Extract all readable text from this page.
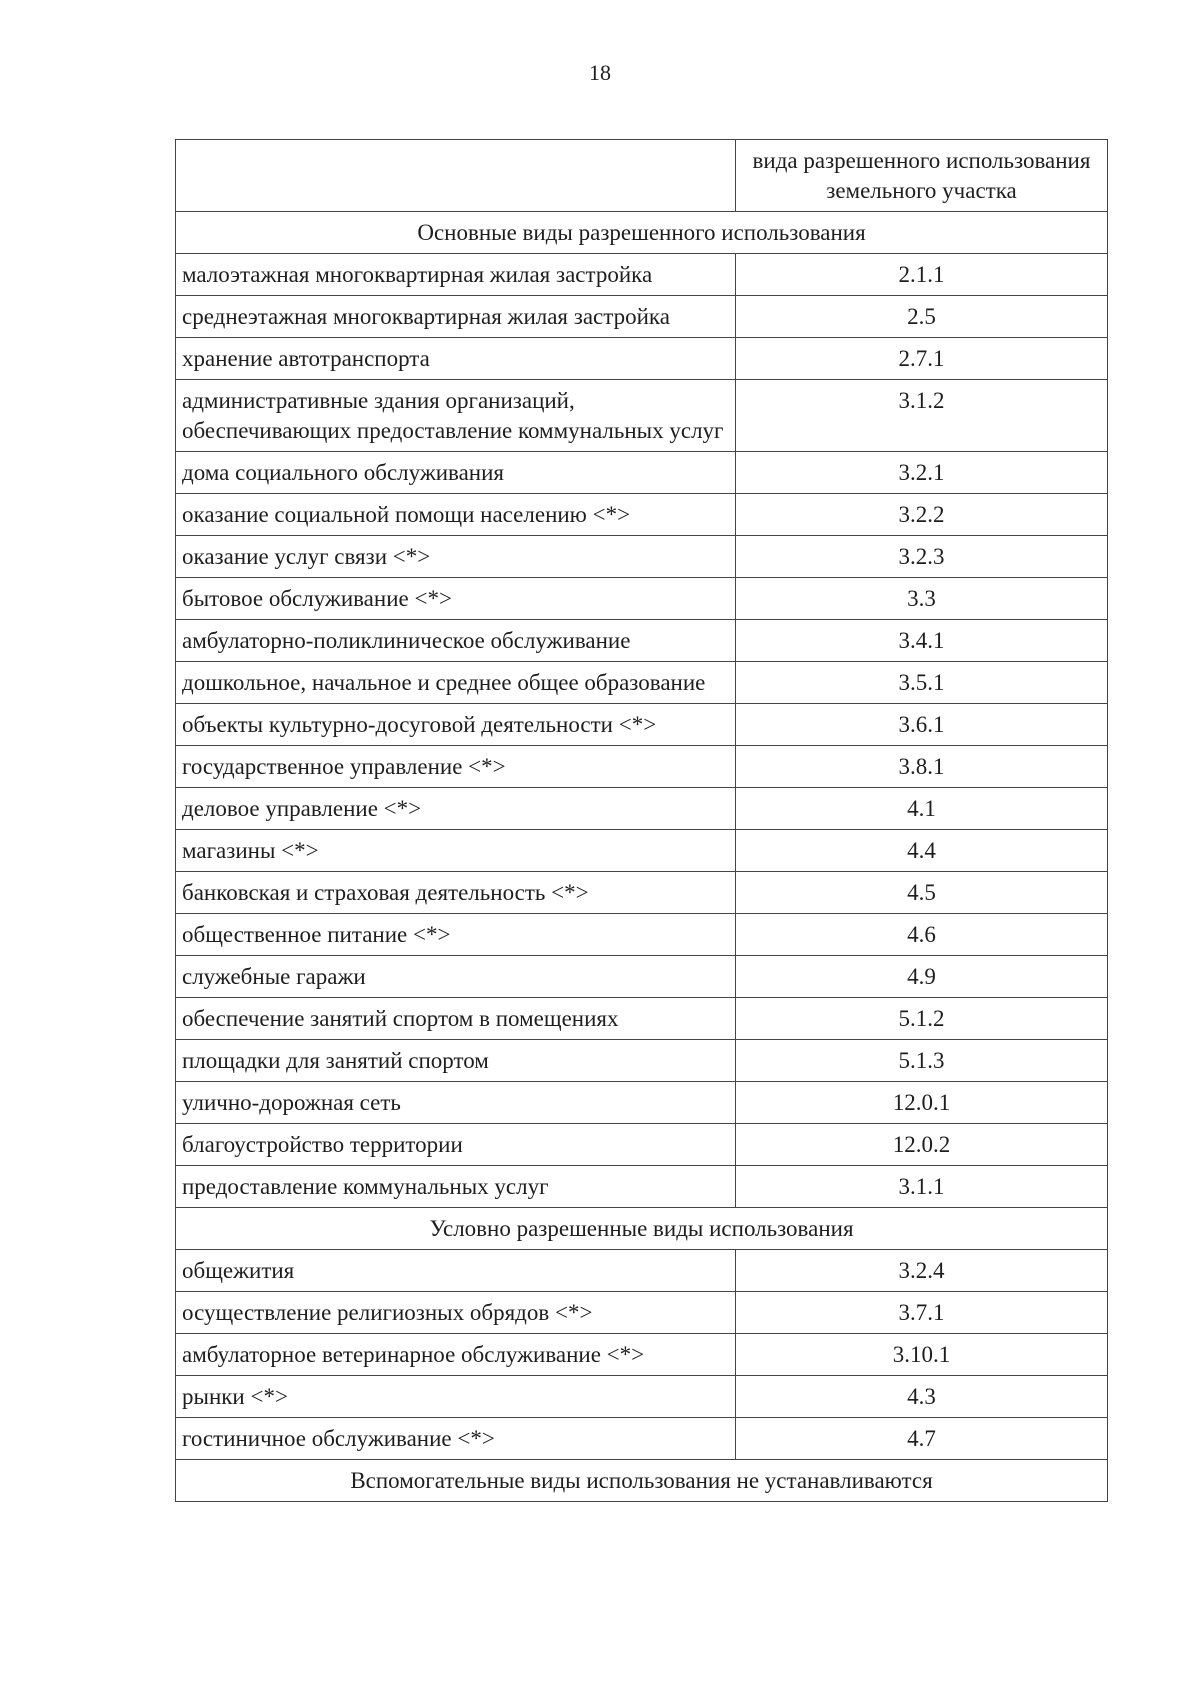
18
	вида разрешенного использования земельного участка
Основные виды разрешенного использования	
малоэтажная многоквартирная жилая застройка	2.1.1
среднеэтажная многоквартирная жилая застройка	2.5
хранение автотранспорта	2.7.1
административные здания организаций, обеспечивающих предоставление коммунальных услуг	3.1.2
дома социального обслуживания	3.2.1
оказание социальной помощи населению <*>	3.2.2
оказание услуг связи <*>	3.2.3
бытовое обслуживание <*>	3.3
амбулаторно-поликлиническое обслуживание	3.4.1
дошкольное, начальное и среднее общее образование	3.5.1
объекты культурно-досуговой деятельности <*>	3.6.1
государственное управление <*>	3.8.1
деловое управление <*>	4.1
магазины <*>	4.4
банковская и страховая деятельность <*>	4.5
общественное питание <*>	4.6
служебные гаражи	4.9
обеспечение занятий спортом в помещениях	5.1.2
площадки для занятий спортом	5.1.3
улично-дорожная сеть	12.0.1
благоустройство территории	12.0.2
предоставление коммунальных услуг	3.1.1
Условно разрешенные виды использования	
общежития	3.2.4
осуществление религиозных обрядов <*>	3.7.1
амбулаторное ветеринарное обслуживание <*>	3.10.1
рынки <*>	4.3
гостиничное обслуживание <*>	4.7
Вспомогательные виды использования не устанавливаются	
